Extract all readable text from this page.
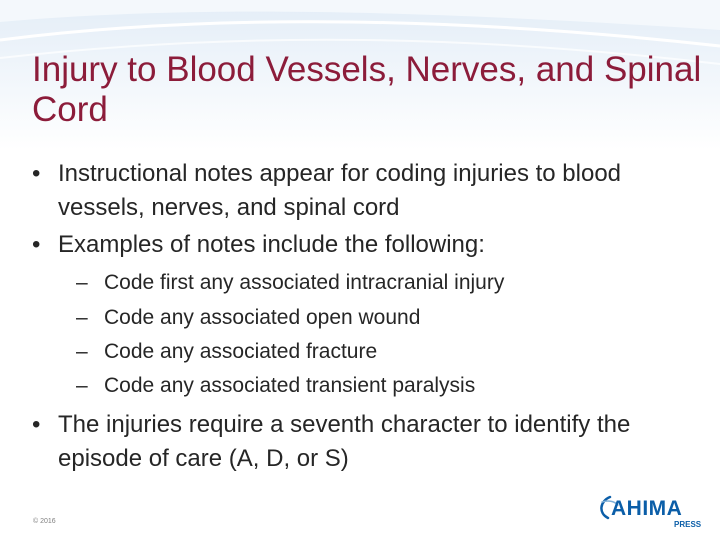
Injury to Blood Vessels, Nerves, and Spinal Cord
• Instructional notes appear for coding injuries to blood vessels, nerves, and spinal cord
• Examples of notes include the following:
– Code first any associated intracranial injury
– Code any associated open wound
– Code any associated fracture
– Code any associated transient paralysis
• The injuries require a seventh character to identify the episode of care (A, D, or S)
© 2016
AHIMA
PRESS
